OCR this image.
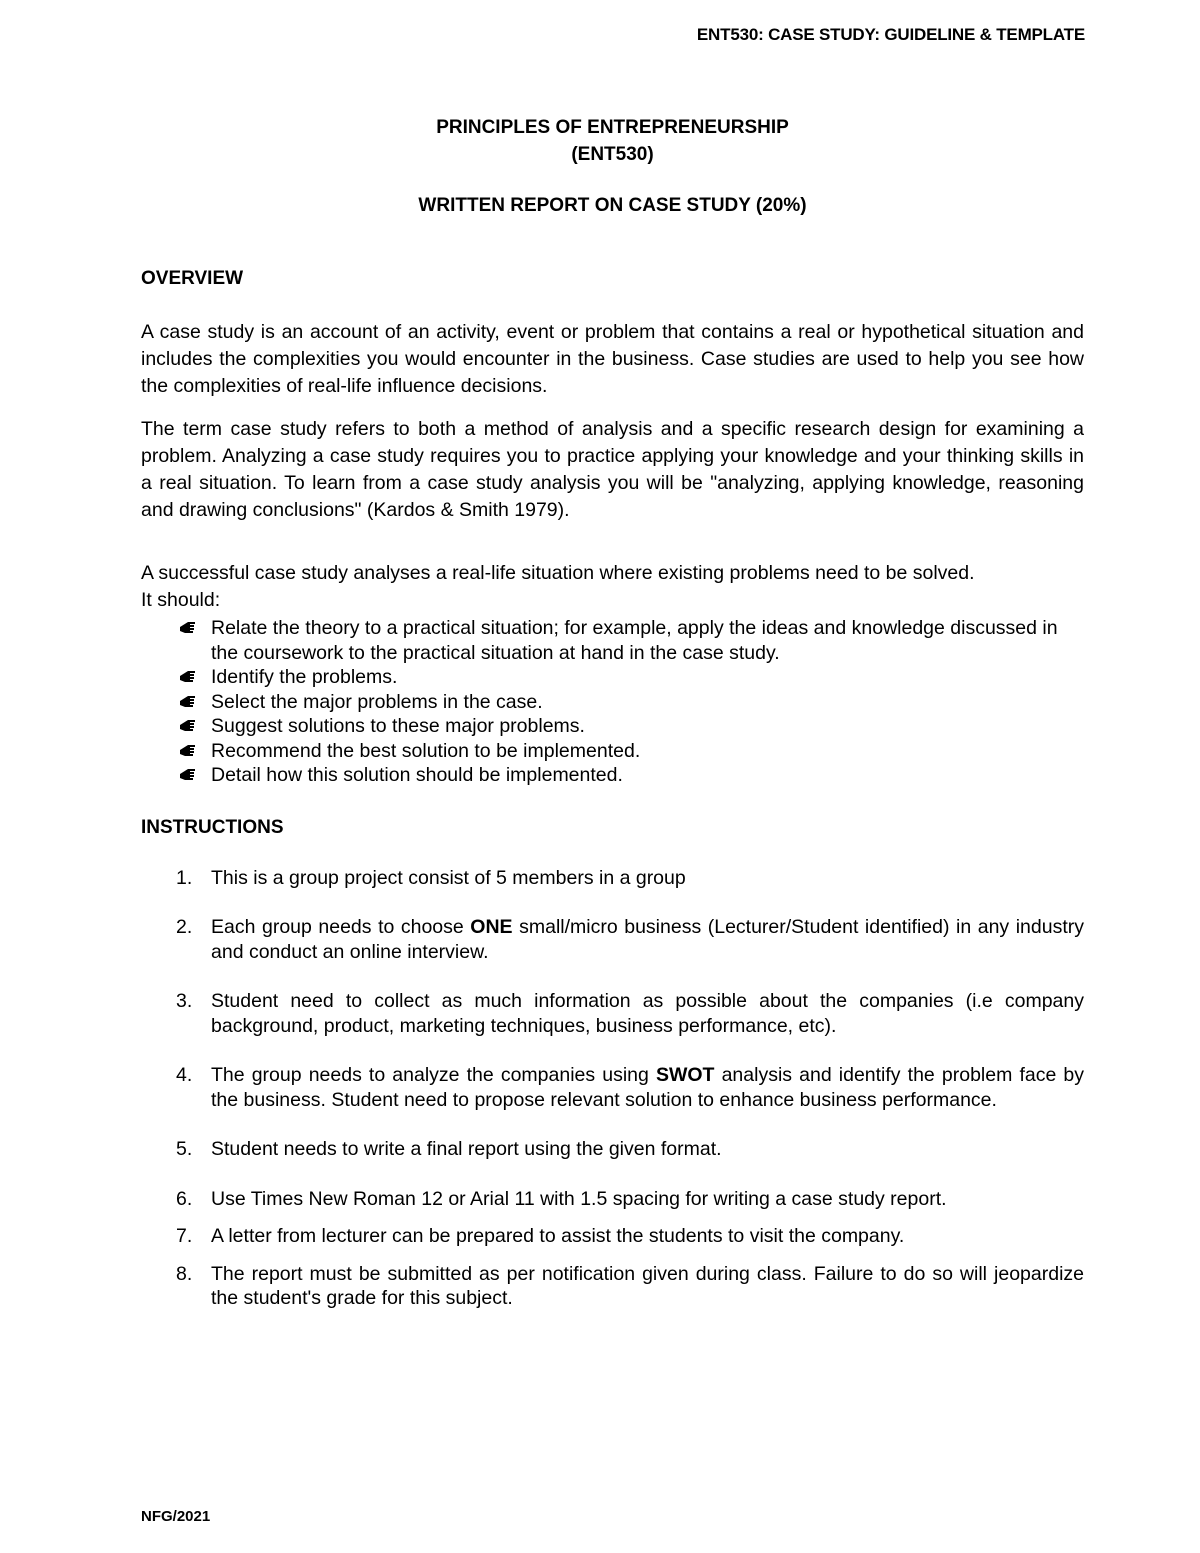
ENT530: CASE STUDY: GUIDELINE & TEMPLATE
PRINCIPLES OF ENTREPRENEURSHIP
(ENT530)
WRITTEN REPORT ON CASE STUDY (20%)
OVERVIEW
A case study is an account of an activity, event or problem that contains a real or hypothetical situation and includes the complexities you would encounter in the business. Case studies are used to help you see how the complexities of real-life influence decisions.
The term case study refers to both a method of analysis and a specific research design for examining a problem. Analyzing a case study requires you to practice applying your knowledge and your thinking skills in a real situation. To learn from a case study analysis you will be "analyzing, applying knowledge, reasoning and drawing conclusions" (Kardos & Smith 1979).
A successful case study analyses a real-life situation where existing problems need to be solved.
It should:
Relate the theory to a practical situation; for example, apply the ideas and knowledge discussed in the coursework to the practical situation at hand in the case study.
Identify the problems.
Select the major problems in the case.
Suggest solutions to these major problems.
Recommend the best solution to be implemented.
Detail how this solution should be implemented.
INSTRUCTIONS
1. This is a group project consist of 5 members in a group
2. Each group needs to choose ONE small/micro business (Lecturer/Student identified) in any industry and conduct an online interview.
3. Student need to collect as much information as possible about the companies (i.e company background, product, marketing techniques, business performance, etc).
4. The group needs to analyze the companies using SWOT analysis and identify the problem face by the business. Student need to propose relevant solution to enhance business performance.
5. Student needs to write a final report using the given format.
6. Use Times New Roman 12 or Arial 11 with 1.5 spacing for writing a case study report.
7. A letter from lecturer can be prepared to assist the students to visit the company.
8. The report must be submitted as per notification given during class. Failure to do so will jeopardize the student's grade for this subject.
NFG/2021
